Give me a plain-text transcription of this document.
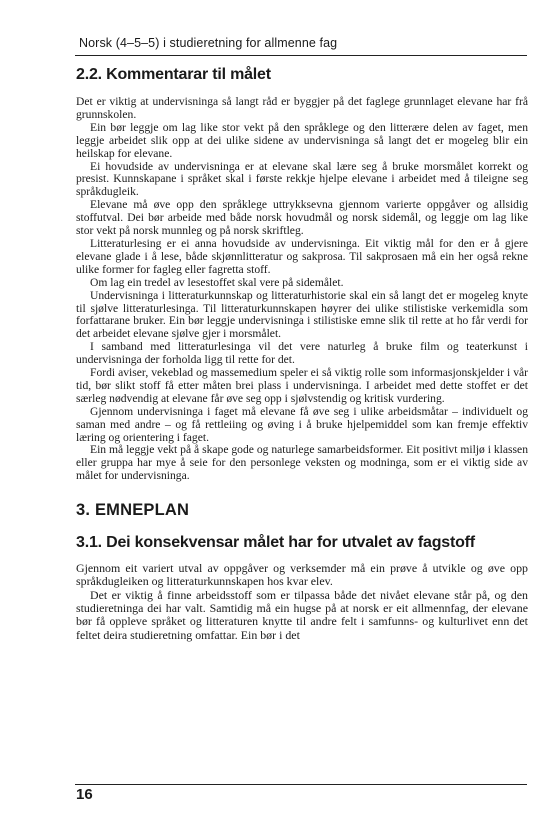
Norsk (4–5–5) i studieretning for allmenne fag
2.2. Kommentarar til målet

Det er viktig at undervisninga så langt råd er byggjer på det faglege grunnlaget elevane har frå grunnskolen.

Ein bør leggje om lag like stor vekt på den språklege og den litterære delen av faget, men leggje arbeidet slik opp at dei ulike sidene av undervisninga så langt det er mogeleg blir ein heilskap for elevane.

Ei hovudside av undervisninga er at elevane skal lære seg å bruke morsmålet korrekt og presist. Kunnskapane i språket skal i første rekkje hjelpe elevane i arbeidet med å tileigne seg språkdugleik.

Elevane må øve opp den språklege uttrykksevna gjennom varierte oppgåver og allsidig stoffutval. Dei bør arbeide med både norsk hovudmål og norsk sidemål, og leggje om lag like stor vekt på norsk munnleg og på norsk skriftleg.

Litteraturlesing er ei anna hovudside av undervisninga. Eit viktig mål for den er å gjere elevane glade i å lese, både skjønnlitteratur og sakprosa. Til sakprosaen må ein her også rekne ulike former for fagleg eller fagretta stoff.

Om lag ein tredel av lesestoffet skal vere på sidemålet.

Undervisninga i litteraturkunnskap og litteraturhistorie skal ein så langt det er mogeleg knyte til sjølve litteraturlesinga. Til litteraturkunnskapen høyrer dei ulike stilistiske verkemidla som forfattarane bruker. Ein bør leggje undervisninga i stilistiske emne slik til rette at ho får verdi for det arbeidet elevane sjølve gjer i morsmålet.

I samband med litteraturlesinga vil det vere naturleg å bruke film og teaterkunst i undervisninga der forholda ligg til rette for det.

Fordi aviser, vekeblad og massemedium speler ei så viktig rolle som informasjonskjelder i vår tid, bør slikt stoff få etter måten brei plass i undervisninga. I arbeidet med dette stoffet er det særleg nødvendig at elevane får øve seg opp i sjølvstendig og kritisk vurdering.

Gjennom undervisninga i faget må elevane få øve seg i ulike arbeidsmåtar – individuelt og saman med andre – og få rettleiing og øving i å bruke hjelpemiddel som kan fremje effektiv læring og orientering i faget.

Ein må leggje vekt på å skape gode og naturlege samarbeidsformer. Eit positivt miljø i klassen eller gruppa har mye å seie for den personlege veksten og modninga, som er ei viktig side av målet for undervisninga.

3. EMNEPLAN
3.1. Dei konsekvensar målet har for utvalet av fagstoff

Gjennom eit variert utval av oppgåver og verksemder må ein prøve å utvikle og øve opp språkdugleiken og litteraturkunnskapen hos kvar elev.

Det er viktig å finne arbeidsstoff som er tilpassa både det nivået elevane står på, og den studieretninga dei har valt. Samtidig må ein hugse på at norsk er eit allmennfag, der elevane bør få oppleve språket og litteraturen knytte til andre felt i samfunns- og kulturlivet enn det feltet deira studieretning omfattar. Ein bør i det

16
